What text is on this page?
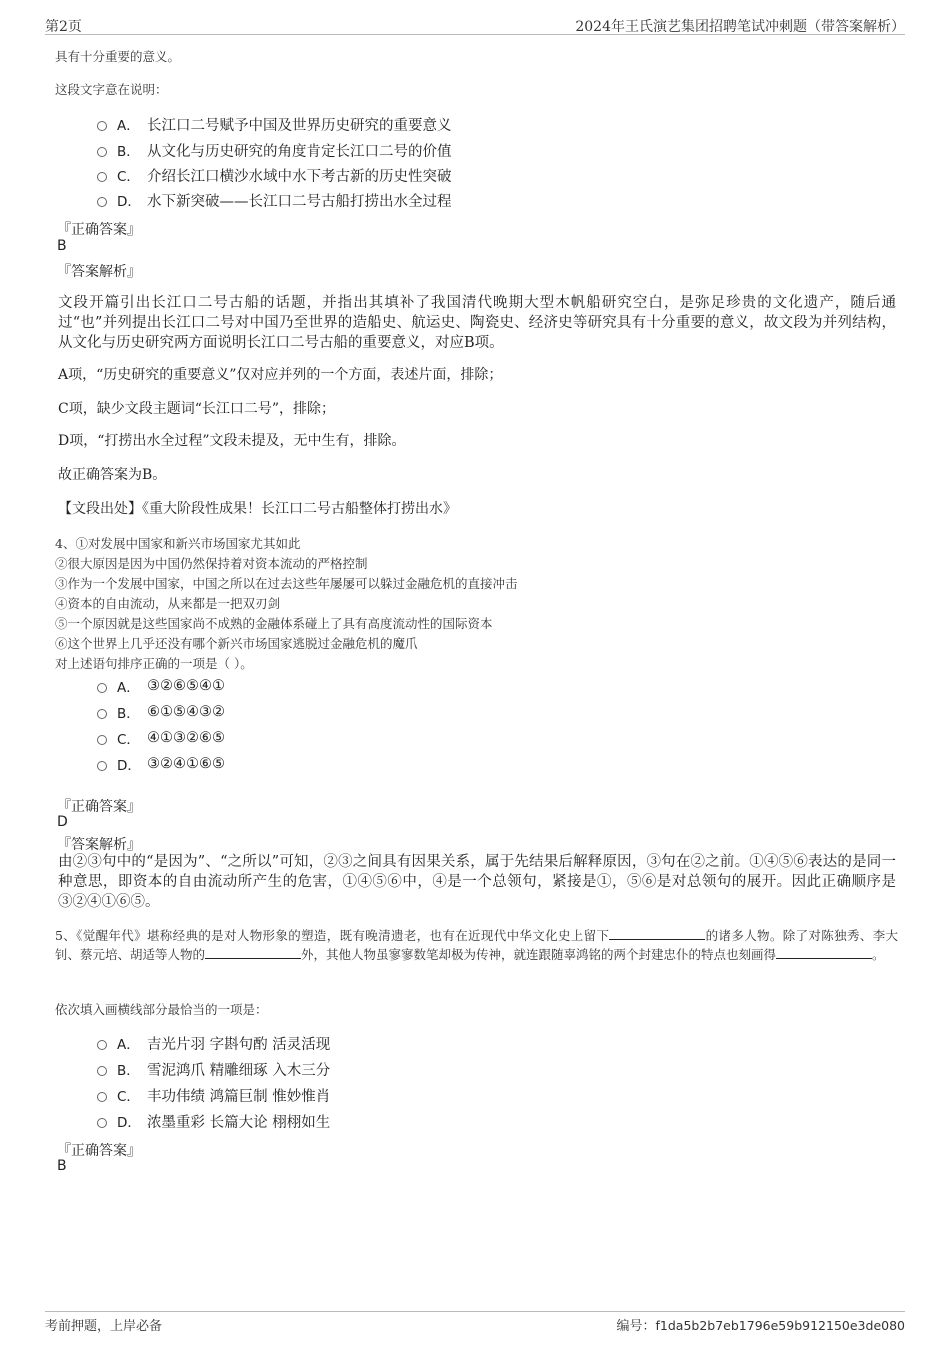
第2页	2024年王氏演艺集团招聘笔试冲刺题（带答案解析）
具有十分重要的意义。
这段文字意在说明：
A． 长江口二号赋予中国及世界历史研究的重要意义
B． 从文化与历史研究的角度肯定长江口二号的价值
C． 介绍长江口横沙水域中水下考古新的历史性突破
D． 水下新突破——长江口二号古船打捞出水全过程
『正确答案』
B
『答案解析』
文段开篇引出长江口二号古船的话题，并指出其填补了我国清代晚期大型木帆船研究空白，是弥足珍贵的文化遗产，随后通过“也”并列提出长江口二号对中国乃至世界的造船史、航运史、陶瓷史、经济史等研究具有十分重要的意义，故文段为并列结构，从文化与历史研究两方面说明长江口二号古船的重要意义，对应B项。
A项，“历史研究的重要意义”仅对应并列的一个方面，表述片面，排除；
C项，缺少文段主题词“长江口二号”，排除；
D项，“打捞出水全过程”文段未提及，无中生有，排除。
故正确答案为B。
【文段出处】《重大阶段性成果！长江口二号古船整体打捞出水》
4、①对发展中国家和新兴市场国家尤其如此
②很大原因是因为中国仍然保持着对资本流动的严格控制
③作为一个发展中国家，中国之所以在过去这些年屡屡可以躲过金融危机的直接冲击
④资本的自由流动，从来都是一把双刃剑
⑤一个原因就是这些国家尚不成熟的金融体系碰上了具有高度流动性的国际资本
⑥这个世界上几乎还没有哪个新兴市场国家逃脱过金融危机的魔爪
对上述语句排序正确的一项是（ ）。
A． ③②⑥⑤④①
B． ⑥①⑤④③②
C． ④①③②⑥⑤
D． ③②④①⑥⑤
『正确答案』
D
『答案解析』
由②③句中的“是因为”、“之所以”可知，②③之间具有因果关系，属于先结果后解释原因，③句在②之前。①④⑤⑥表达的是同一种意思，即资本的自由流动所产生的危害，①④⑤⑥中，④是一个总领句，紧接是①，⑤⑥是对总领句的展开。因此正确顺序是③②④①⑥⑤。
5、《觉醒年代》堪称经典的是对人物形象的塑造，既有晚清遗老，也有在近现代中华文化史上留下	的诸多人物。除了对陈独秀、李大钊、蔡元培、胡适等人物的	外，其他人物虽寥寥数笔却极为传神，就连跟随辜鸿铭的两个封建忠仆的特点也刻画得	。
依次填入画横线部分最恰当的一项是：
A． 吉光片羽 字斟句酌 活灵活现
B． 雪泥鸿爪 精雕细琢 入木三分
C． 丰功伟绩 鸿篇巨制 惟妙惟肖
D． 浓墨重彩 长篇大论 栩栩如生
『正确答案』
B
考前押题，上岸必备	编号：f1da5b2b7eb1796e59b912150e3de080
